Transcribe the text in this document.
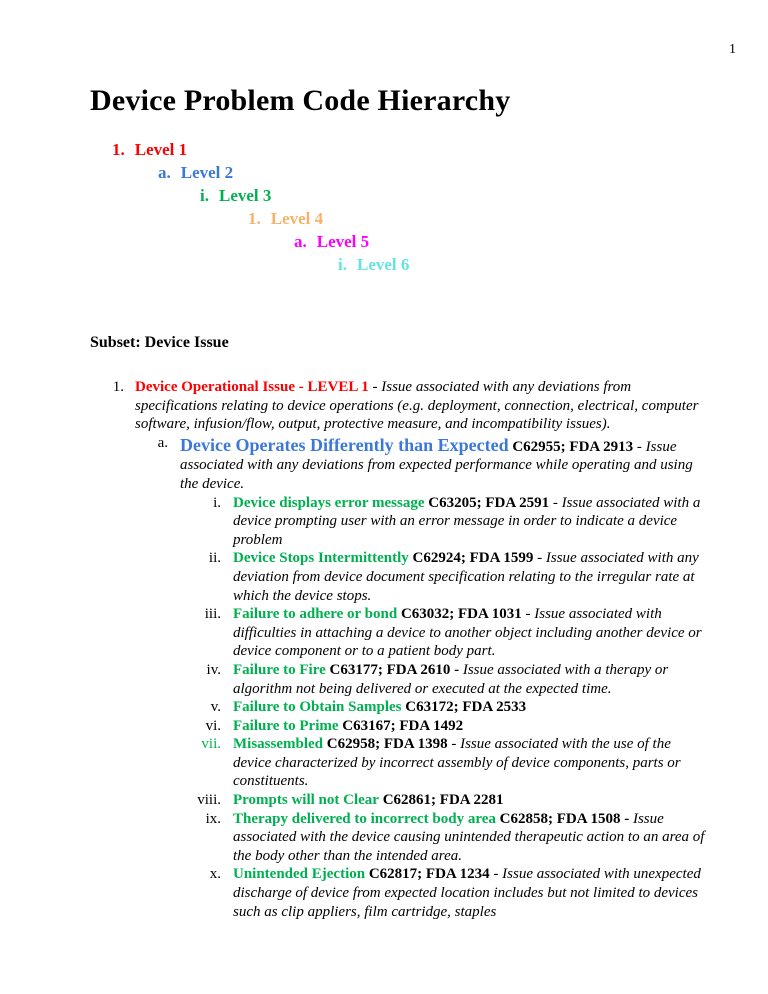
1
Device Problem Code Hierarchy
1. Level 1
a. Level 2
i. Level 3
1. Level 4
a. Level 5
i. Level 6
Subset: Device Issue
1. Device Operational Issue - LEVEL 1 - Issue associated with any deviations from specifications relating to device operations (e.g. deployment, connection, electrical, computer software, infusion/flow, output, protective measure, and incompatibility issues).
a. Device Operates Differently than Expected C62955; FDA 2913 - Issue associated with any deviations from expected performance while operating and using the device.
i. Device displays error message C63205; FDA 2591 - Issue associated with a device prompting user with an error message in order to indicate a device problem
ii. Device Stops Intermittently C62924; FDA 1599 - Issue associated with any deviation from device document specification relating to the irregular rate at which the device stops.
iii. Failure to adhere or bond C63032; FDA 1031 - Issue associated with difficulties in attaching a device to another object including another device or device component or to a patient body part.
iv. Failure to Fire C63177; FDA 2610 - Issue associated with a therapy or algorithm not being delivered or executed at the expected time.
v. Failure to Obtain Samples C63172; FDA 2533
vi. Failure to Prime C63167; FDA 1492
vii. Misassembled C62958; FDA 1398 - Issue associated with the use of the device characterized by incorrect assembly of device components, parts or constituents.
viii. Prompts will not Clear C62861; FDA 2281
ix. Therapy delivered to incorrect body area C62858; FDA 1508 - Issue associated with the device causing unintended therapeutic action to an area of the body other than the intended area.
x. Unintended Ejection C62817; FDA 1234 - Issue associated with unexpected discharge of device from expected location includes but not limited to devices such as clip appliers, film cartridge, staples
